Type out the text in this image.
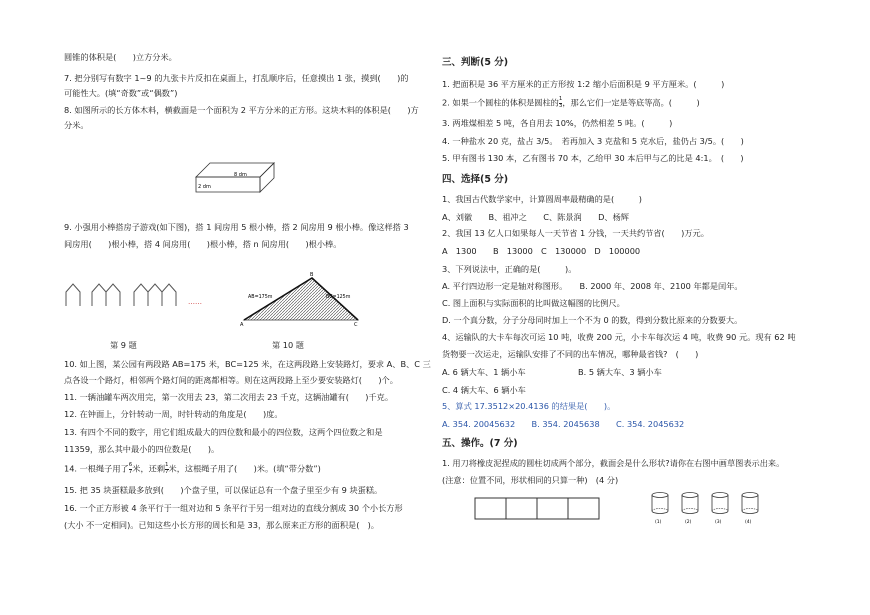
圆锥的体积是(　　)立方分米。
7. 把分别写有数字 1~9 的九张卡片反扣在桌面上，打乱顺序后，任意摸出 1 张，摸到(　　)的
可能性大。(填“奇数”或“偶数”)
8. 如图所示的长方体木料，横截面是一个面积为 2 平方分米的正方形。这块木料的体积是(　　)方
分米。
8 dm
2 dm
9. 小强用小棒搭房子游戏(如下图)，搭 1 间房用 5 根小棒，搭 2 间房用 9 根小棒。像这样搭 3
间房用(　　)根小棒，搭 4 间房用(　　)根小棒，搭 n 间房用(　　)根小棒。
……
AB=175m	BC=125m
A
B
C
第 9 题	第 10 题
10. 如上图，某公园有两段路 AB=175 米，BC=125 米，在这两段路上安装路灯，要求 A、B、C 三
点各设一个路灯，相邻两个路灯间的距离都相等。则在这两段路上至少要安装路灯(　　)个。
11. 一辆油罐车两次用完，第一次用去 23，第二次用去 23 千克，这辆油罐有(　　)千克。
12. 在钟面上，分针转动一周，时针转动的角度是(　　)度。
13. 有四个不同的数字，用它们组成最大的四位数和最小的四位数，这两个四位数之和是
11359，那么其中最小的四位数是(　　)。
14. 一根绳子用了 $\frac{6}{7}$ 米，还剩 $\frac{1}{7}$ 米，这根绳子用了(　　)米。(填“带分数”)
15. 把 35 块蛋糕最多放到(　　)个盘子里，可以保证总有一个盘子里至少有 9 块蛋糕。
16. 一个正方形被 4 条平行于一组对边和 5 条平行于另一组对边的直线分割成 30 个小长方形
(大小 不一定相同)。已知这些小长方形的周长和是 33，那么原来正方形的面积是(　)。
三、判断(5 分)
1. 把面积是 36 平方厘米的正方形按 1:2 缩小后面积是 9 平方厘米。(　　　)
2. 如果一个圆柱的体积是圆柱的 $\frac{1}{3}$ ，那么它们一定是等底等高。(　　　)
3. 两堆煤相差 5 吨，各自用去 10%，仍然相差 5 吨。(　　　)
4. 一种盐水 20 克，盐占 3/5。　若再加入 3 克盐和 5 克水后，盐仍占 3/5。(　　)
5. 甲有图书 130 本，乙有图书 70 本，乙给甲 30 本后甲与乙的比是 4:1。　(　　)
四、选择(5 分)
1、我国古代数学家中，计算圆周率最精确的是(　　　)
A、刘徽　　B、祖冲之　　C、陈景润　　D、杨辉
2、我国 13 亿人口如果每人一天节省 1 分钱，一天共约节省(　　)万元。
A　1300　　B　13000　C　130000　D　100000
3、下列说法中，正确的是(　　　)。
A. 平行四边形一定是轴对称图形。　　B. 2000 年、2008 年、2100 年都是闰年。
C. 图上面积与实际面积的比叫做这幅图的比例尺。
D. 一个真分数，分子分母同时加上一个不为 0 的数，得到分数比原来的分数要大。
4、运输队的大卡车每次可运 10 吨，收费 200 元，小卡车每次运 4 吨，收费 90 元。现有 62 吨
货物要一次运走，运输队安排了不同的出车情况，哪种最省钱?　(　　)
A. 6 辆大车、1 辆小车	B. 5 辆大车、3 辆小车
C. 4 辆大车、6 辆小车
5、算式 17.3512×20.4136 的结果是(　　)。
A. 354. 20045632　　B. 354. 2045638　　C. 354. 2045632
五、操作。(7 分)
1. 用刀将橡皮泥捏成的圆柱切成两个部分，截面会是什么形状?请你在右图中画草图表示出来。
(注意：位置不同，形状相同的只算一种)　(4 分)
(1)	(2)	(3)	(4)
